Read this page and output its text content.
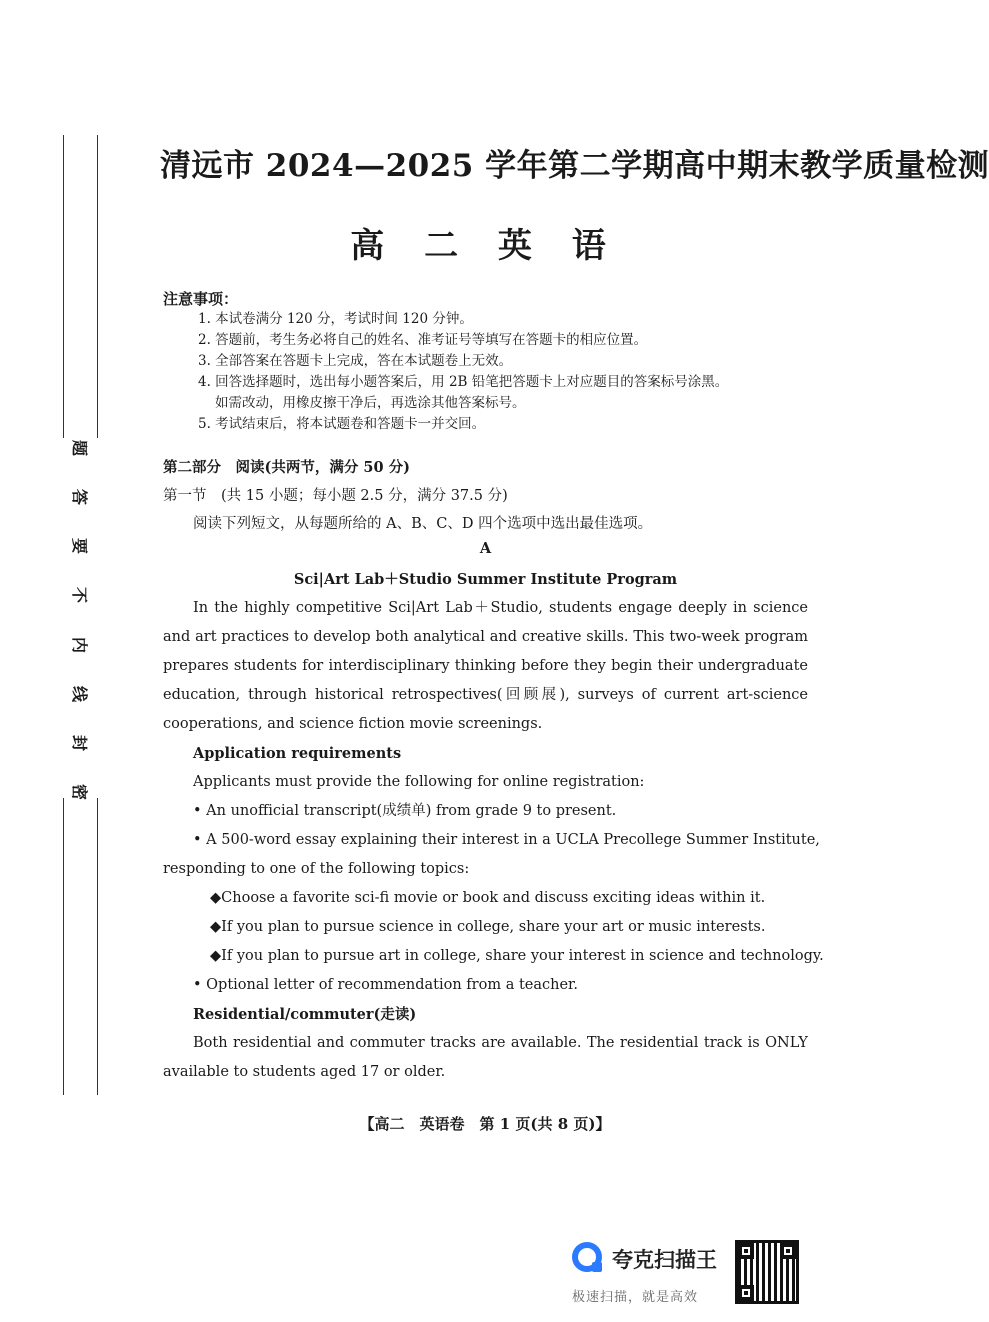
题
答
要
不
内
线
封
密
清远市 2024—2025 学年第二学期高中期末教学质量检测
高 二 英 语
注意事项：
1. 本试卷满分 120 分，考试时间 120 分钟。
2. 答题前，考生务必将自己的姓名、准考证号等填写在答题卡的相应位置。
3. 全部答案在答题卡上完成，答在本试题卷上无效。
4. 回答选择题时，选出每小题答案后，用 2B 铅笔把答题卡上对应题目的答案标号涂黑。
如需改动，用橡皮擦干净后，再选涂其他答案标号。
5. 考试结束后，将本试题卷和答题卡一并交回。
第二部分　阅读(共两节，满分 50 分)
第一节　(共 15 小题；每小题 2.5 分，满分 37.5 分)
阅读下列短文，从每题所给的 A、B、C、D 四个选项中选出最佳选项。
A
Sci|Art Lab＋Studio Summer Institute Program

In the highly competitive Sci|Art Lab＋Studio, students engage deeply in science and art practices to develop both analytical and creative skills. This two-week program prepares students for interdisciplinary thinking before they begin their undergraduate education, through historical retrospectives(回顾展), surveys of current art-science cooperations, and science fiction movie screenings.

Application requirements
Applicants must provide the following for online registration:
• An unofficial transcript(成绩单) from grade 9 to present.
• A 500-word essay explaining their interest in a UCLA Precollege Summer Institute,
responding to one of the following topics:
◆Choose a favorite sci-fi movie or book and discuss exciting ideas within it.
◆If you plan to pursue science in college, share your art or music interests.
◆If you plan to pursue art in college, share your interest in science and technology.
• Optional letter of recommendation from a teacher.
Residential/commuter(走读)

Both residential and commuter tracks are available. The residential track is ONLY available to students aged 17 or older.

【高二　英语卷　第 1 页(共 8 页)】
夸克扫描王
极速扫描，就是高效
